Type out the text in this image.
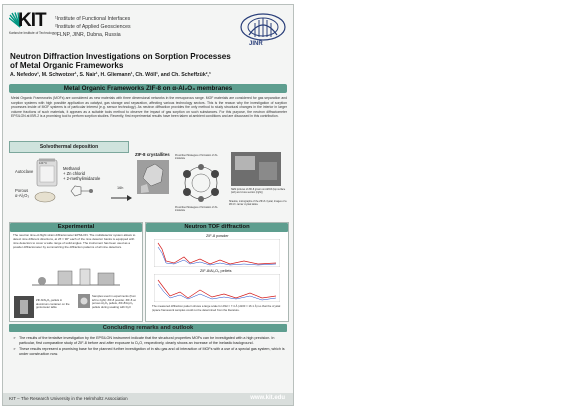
KIT
Karlsruhe Institute of Technology
¹Institute of Functional Interfaces
²Institute of Applied Geosciences
³FLNP, JINR, Dubna, Russia
JINR
Neutron Diffraction Investigations on Sorption Processes of Metal Organic Frameworks
A. Nefedov¹, M. Schwotzer¹, S. Nair¹, H. Gliemann¹, Ch. Wöll¹, and Ch. Scheffzük²,³
Metal Organic Frameworks ZIF-8 on α-Al₂O₃ membranes
Metal Organic Frameworks (MOFs) are considered as new materials with three dimensional networks in the mesoporous range. MOF materials are considered for gas separation and sorption systems with high possible application as catalyst, gas storage and separation, affecting various technology sectors. This is the reason why the investigation of sorption processes inside of MOF systems is of particular interest (e.g. sensor technology). As neutron diffraction provides the only method to study structural changes in the interior in larger volume fractions of such materials, it appears as a suitable tools method to observe the impact of gas sorption on such substances. For this purpose, the neutron diffractometer EPSILON at IBR-2 is a promising tool to perform sorption studies. Recently, first experimental results have been taken at ambient conditions and are discussed in this contribution.
Solvothermal deposition
Autoclave
120 °C
Porous
α-Al₂O₃
Methanol
+ Zn chlorid
+ 2-methylimidazole
16h
ZIF-8 crystallites Prescribed Strategies of formation of Zn-imidazole
Prescribed Strategies of formation of Zn-imidazole
SEM pictures of ZIF-8 grown on Al2O3 (top surface (left) and cross section (right))
Shadow, micrographs of the ZIF-8 crystal, Images of a ZIF-8 / carrier crystal lattice
Experimental
The neutron time-of-flight strain diffractometer EPSILON. The multidetector system allows to detect nine different directions, at 2θ = 90° each of the nine detector banks is equipped with nine detectors to cover a wide range of solid angles. The instrument has been used as a powder diffractometer by summarizing the diffraction patterns of all nine detectors.
ZIF-8/Al₂O₃ pellets in aluminium container on the goniometer table
Samples used in experiments (from left to right): ZIF-8 powder, ZIF-8 on porous Al₂O₃ pellets, ZIF-8/Al₂O₃ pellets during soaking with D₂O
Neutron TOF diffraction
ZIF-8 powder
ZIF-8/Al₂O₃ pellets
The measured diffraction pattern shows a large scale for dhkl = 7.4 Å (d100 = 16.1 Å) so that the crystal (space framework samples could not be determined from the literature.
Concluding remarks and outlook
➢ The results of the tentative investigation by the EPSILON instrument indicate that the structural properties MOFs can be investigated with a high precision. In particular, first comparative study of ZIF-8 before and after exposure to D₂O, respectively, clearly shows an increase of the inelastic background.
➢ These results represent a promising base for the planned further investigation of in situ gas and oil interaction of MOFs with a use of a special gas system, which is under construction now.
KIT – The Research University in the Helmholtz Association	www.kit.edu
